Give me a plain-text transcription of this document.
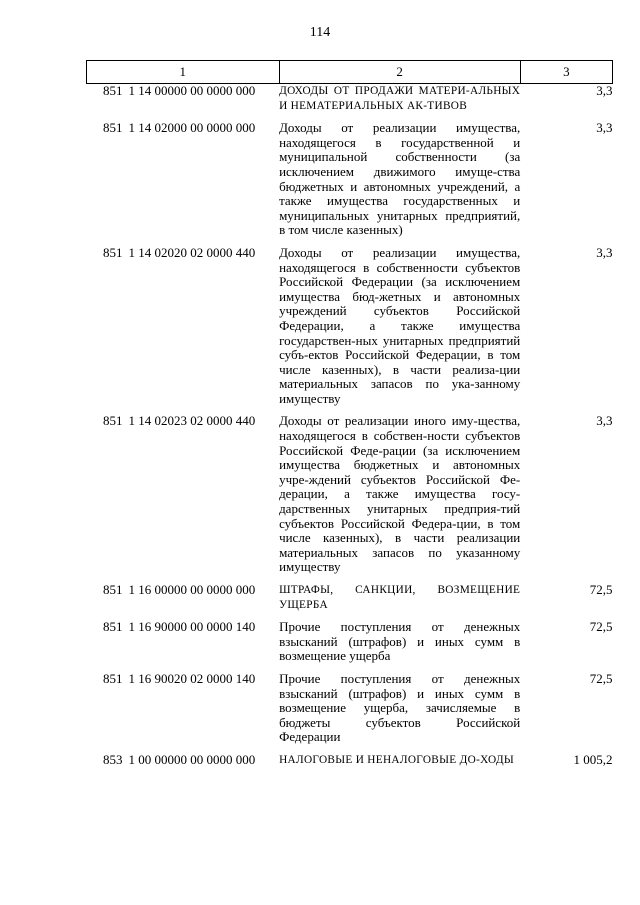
114
1	2	3
851 1 14 00000 00 0000 000	ДОХОДЫ ОТ ПРОДАЖИ МАТЕРИ-АЛЬНЫХ И НЕМАТЕРИАЛЬНЫХ АК-ТИВОВ	3,3
851 1 14 02000 00 0000 000	Доходы от реализации имущества, находящегося в государственной и муниципальной собственности (за исключением движимого имуще-ства бюджетных и автономных учреждений, а также имущества государственных и муниципальных унитарных предприятий, в том числе казенных)	3,3
851 1 14 02020 02 0000 440	Доходы от реализации имущества, находящегося в собственности субъектов Российской Федерации (за исключением имущества бюд-жетных и автономных учреждений субъектов Российской Федерации, а также имущества государствен-ных унитарных предприятий субъ-ектов Российской Федерации, в том числе казенных), в части реализа-ции материальных запасов по ука-занному имуществу	3,3
851 1 14 02023 02 0000 440	Доходы от реализации иного иму-щества, находящегося в собствен-ности субъектов Российской Феде-рации (за исключением имущества бюджетных и автономных учре-ждений субъектов Российской Фе-дерации, а также имущества госу-дарственных унитарных предприя-тий субъектов Российской Федера-ции, в том числе казенных), в части реализации материальных запасов по указанному имуществу	3,3
851 1 16 00000 00 0000 000	ШТРАФЫ, САНКЦИИ, ВОЗМЕЩЕНИЕ УЩЕРБА	72,5
851 1 16 90000 00 0000 140	Прочие поступления от денежных взысканий (штрафов) и иных сумм в возмещение ущерба	72,5
851 1 16 90020 02 0000 140	Прочие поступления от денежных взысканий (штрафов) и иных сумм в возмещение ущерба, зачисляемые в бюджеты субъектов Российской Федерации	72,5
853 1 00 00000 00 0000 000	НАЛОГОВЫЕ И НЕНАЛОГОВЫЕ ДО-ХОДЫ	1 005,2
